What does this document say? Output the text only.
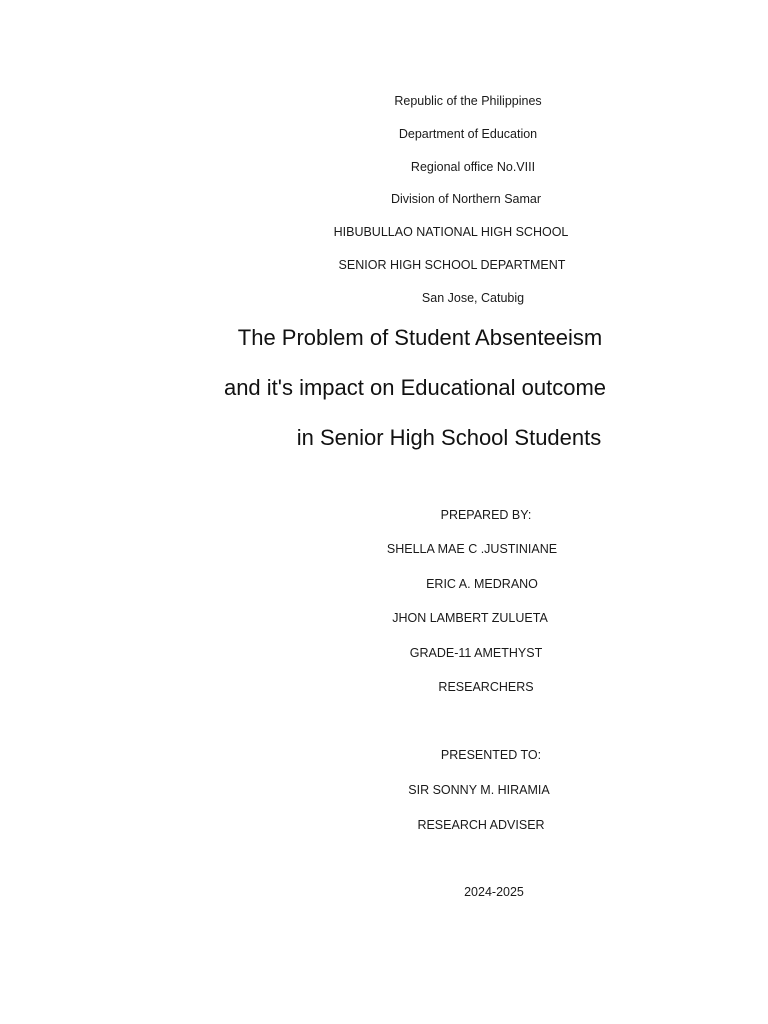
Republic of the Philippines
Department of Education
Regional office No.VIII
Division of Northern Samar
HIBUBULLAO NATIONAL HIGH SCHOOL
SENIOR HIGH SCHOOL DEPARTMENT
San Jose, Catubig
The Problem of Student Absenteeism
and it's impact on Educational outcome
in Senior High School Students
PREPARED BY:
SHELLA MAE C .JUSTINIANE
ERIC A. MEDRANO
JHON LAMBERT ZULUETA
GRADE-11 AMETHYST
RESEARCHERS
PRESENTED TO:
SIR SONNY M. HIRAMIA
RESEARCH ADVISER
2024-2025
